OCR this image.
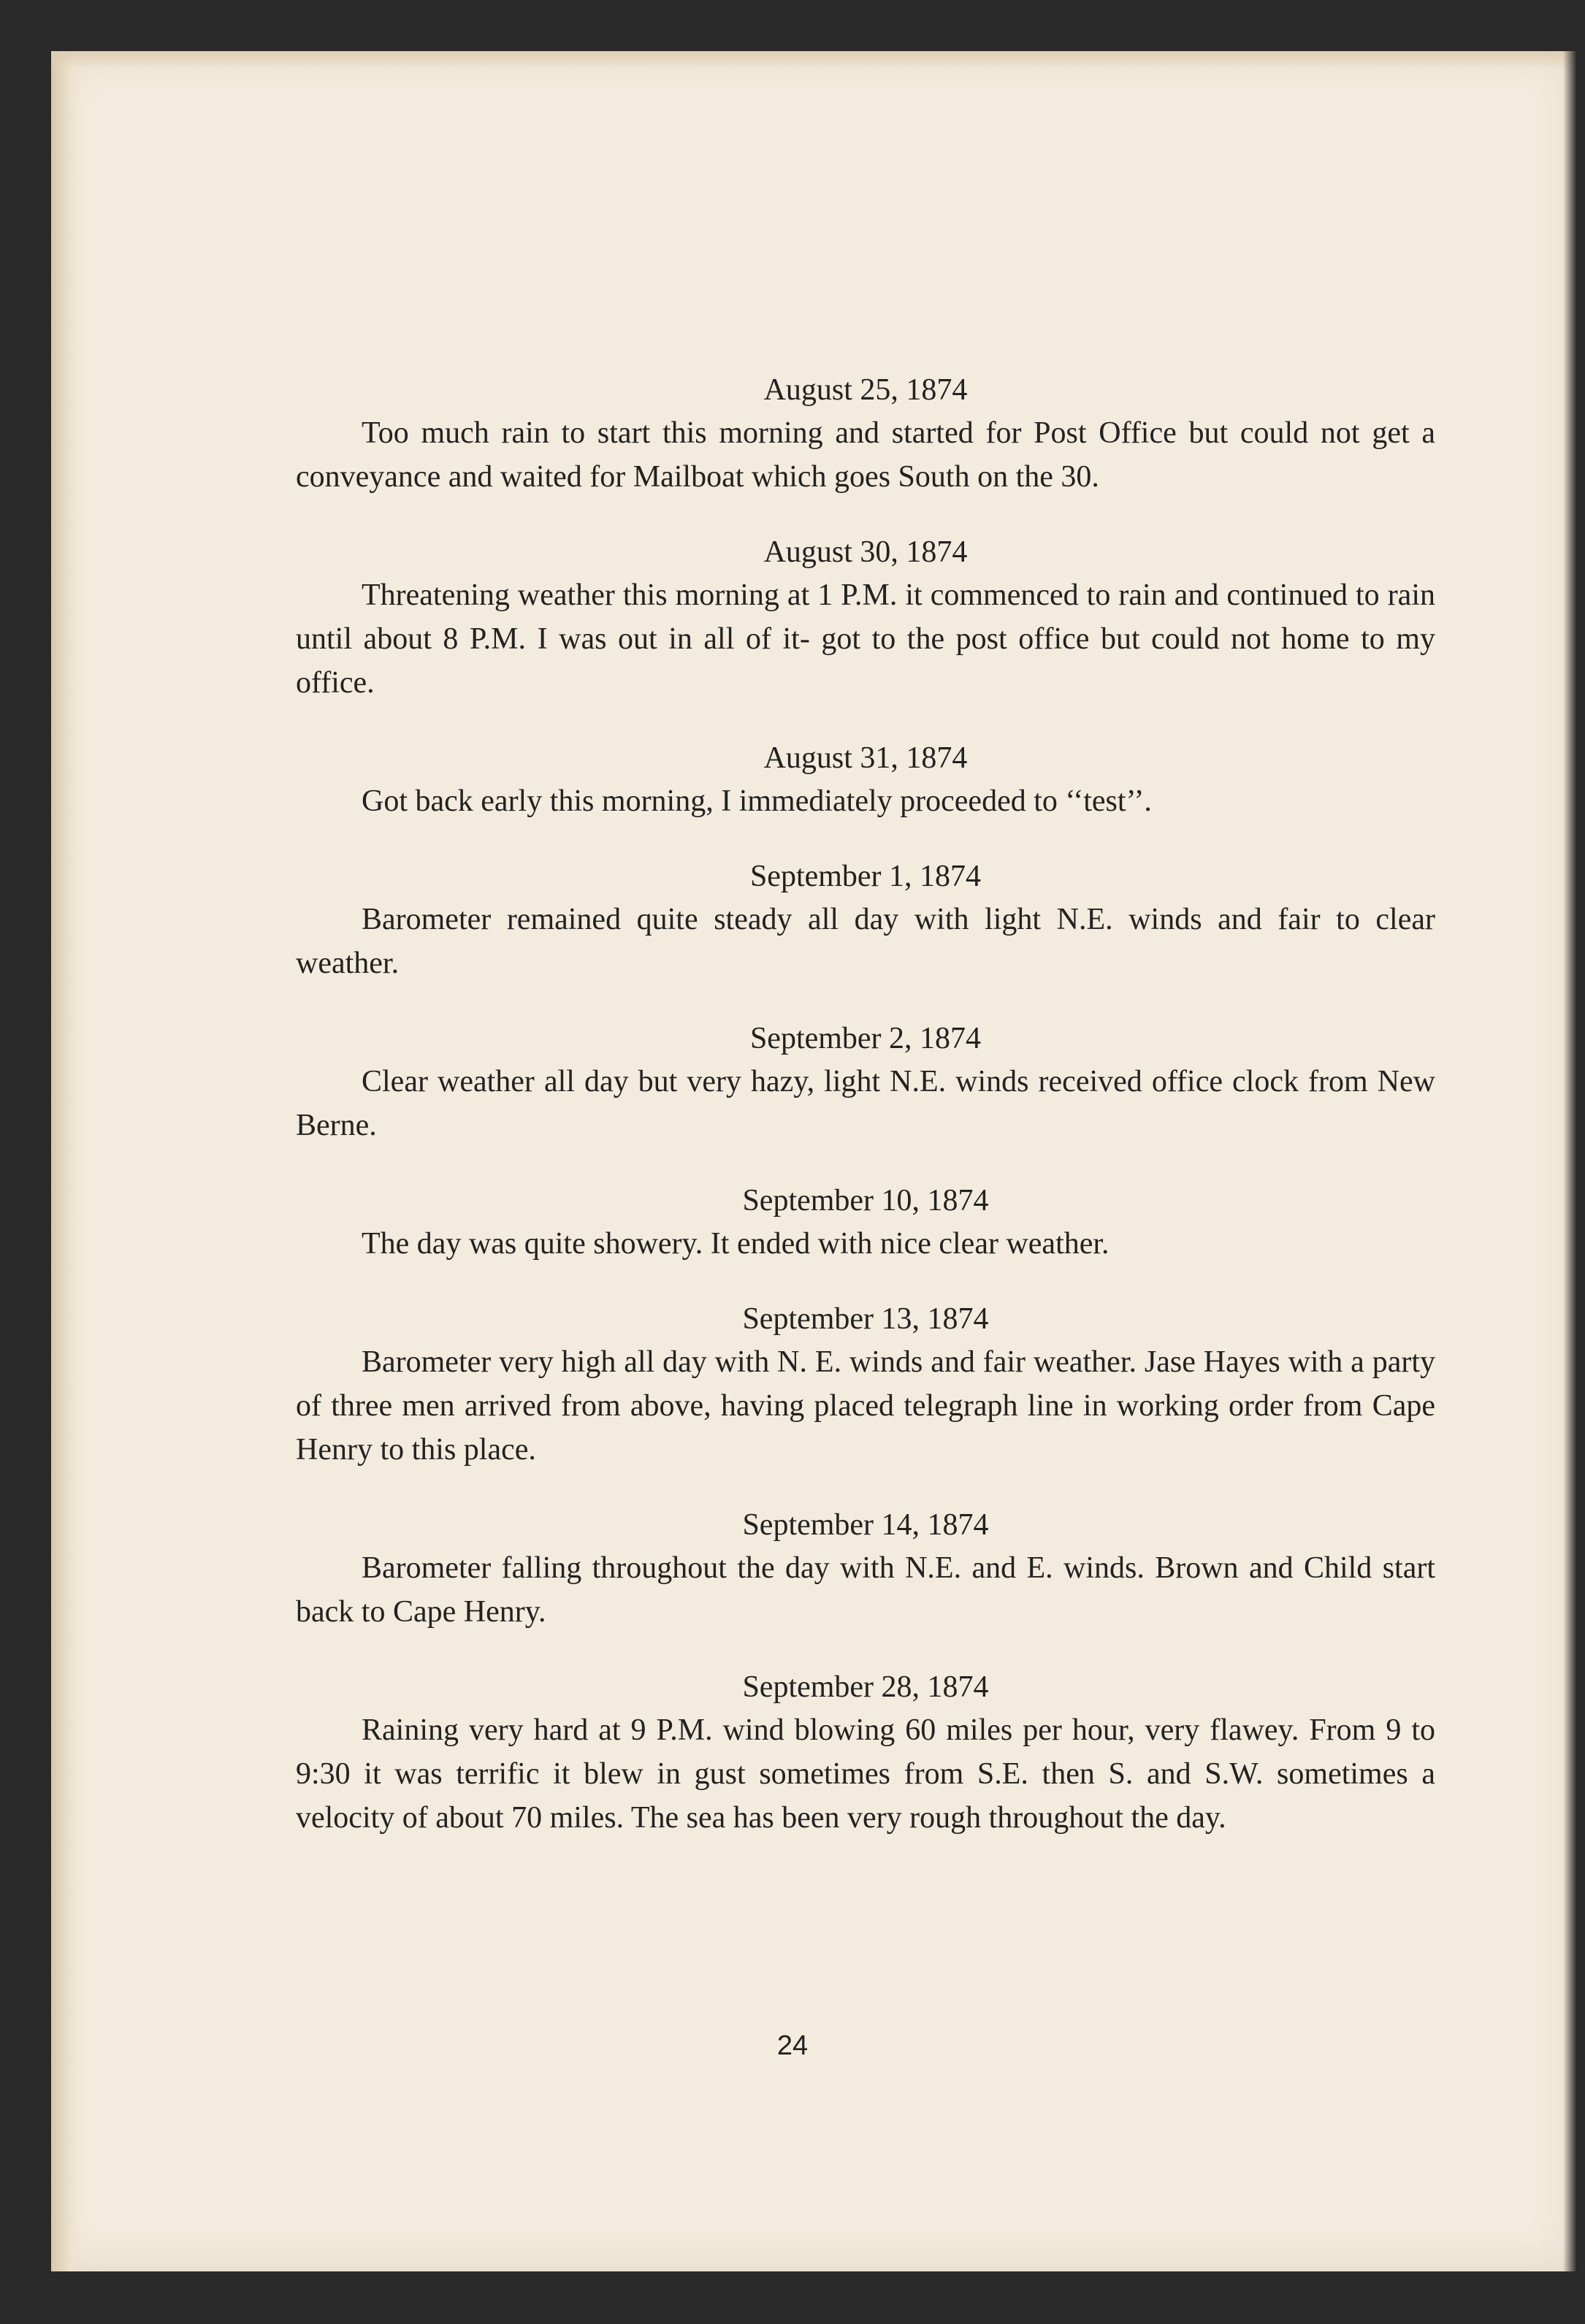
August 25, 1874

Too much rain to start this morning and started for Post Office but could not get a conveyance and waited for Mailboat which goes South on the 30.

August 30, 1874

Threatening weather this morning at 1 P.M. it commenced to rain and continued to rain until about 8 P.M. I was out in all of it- got to the post office but could not home to my office.

August 31, 1874

Got back early this morning, I immediately proceeded to ‘‘test’’.

September 1, 1874

Barometer remained quite steady all day with light N.E. winds and fair to clear weather.

September 2, 1874

Clear weather all day but very hazy, light N.E. winds received office clock from New Berne.

September 10, 1874

The day was quite showery. It ended with nice clear weather.

September 13, 1874

Barometer very high all day with N. E. winds and fair weather. Jase Hayes with a party of three men arrived from above, having placed telegraph line in working order from Cape Henry to this place.

September 14, 1874

Barometer falling throughout the day with N.E. and E. winds. Brown and Child start back to Cape Henry.

September 28, 1874

Raining very hard at 9 P.M. wind blowing 60 miles per hour, very flawey. From 9 to 9:30 it was terrific it blew in gust sometimes from S.E. then S. and S.W. sometimes a velocity of about 70 miles. The sea has been very rough throughout the day.

24
